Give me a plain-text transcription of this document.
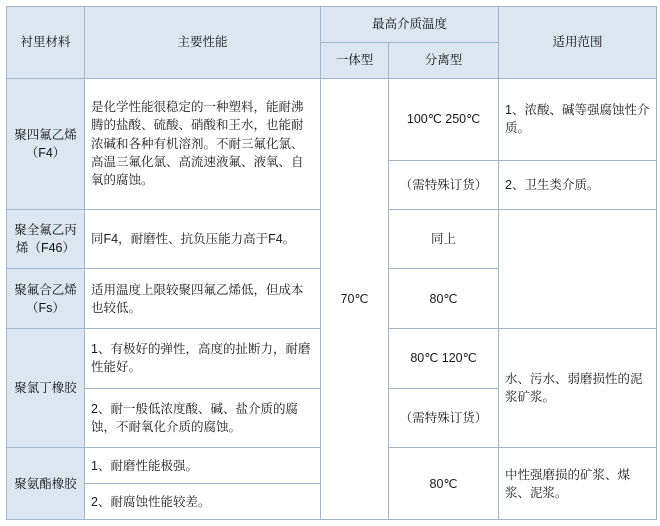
衬里材料	主要性能	最高介质温度		适用范围
		一体型	分离型	
聚四氟乙烯（F4）	是化学性能很稳定的一种塑料，能耐沸腾的盐酸、硫酸、硝酸和王水，也能耐浓碱和各种有机溶剂。不耐三氟化氯、高温三氟化氯、高流速液氟、液氧、自氧的腐蚀。	70℃	100℃ 250℃	1、浓酸、碱等强腐蚀性介质。
			（需特殊订货）	2、卫生类介质。
聚全氟乙丙烯（F46）	同F4，耐磨性、抗负压能力高于F4。		同上	
聚氟合乙烯（Fs）	适用温度上限较聚四氟乙烯低，但成本也较低。		80℃	
聚氯丁橡胶	1、有极好的弹性，高度的扯断力，耐磨性能好。		80℃ 120℃	水、污水、弱磨损性的泥浆矿浆。
	2、耐一般低浓度酸、碱、盐介质的腐蚀，不耐氧化介质的腐蚀。		（需特殊订货）	
聚氨酯橡胶	1、耐磨性能极强。		80℃	中性强磨损的矿浆、煤浆、泥浆。
	2、耐腐蚀性能较差。			
